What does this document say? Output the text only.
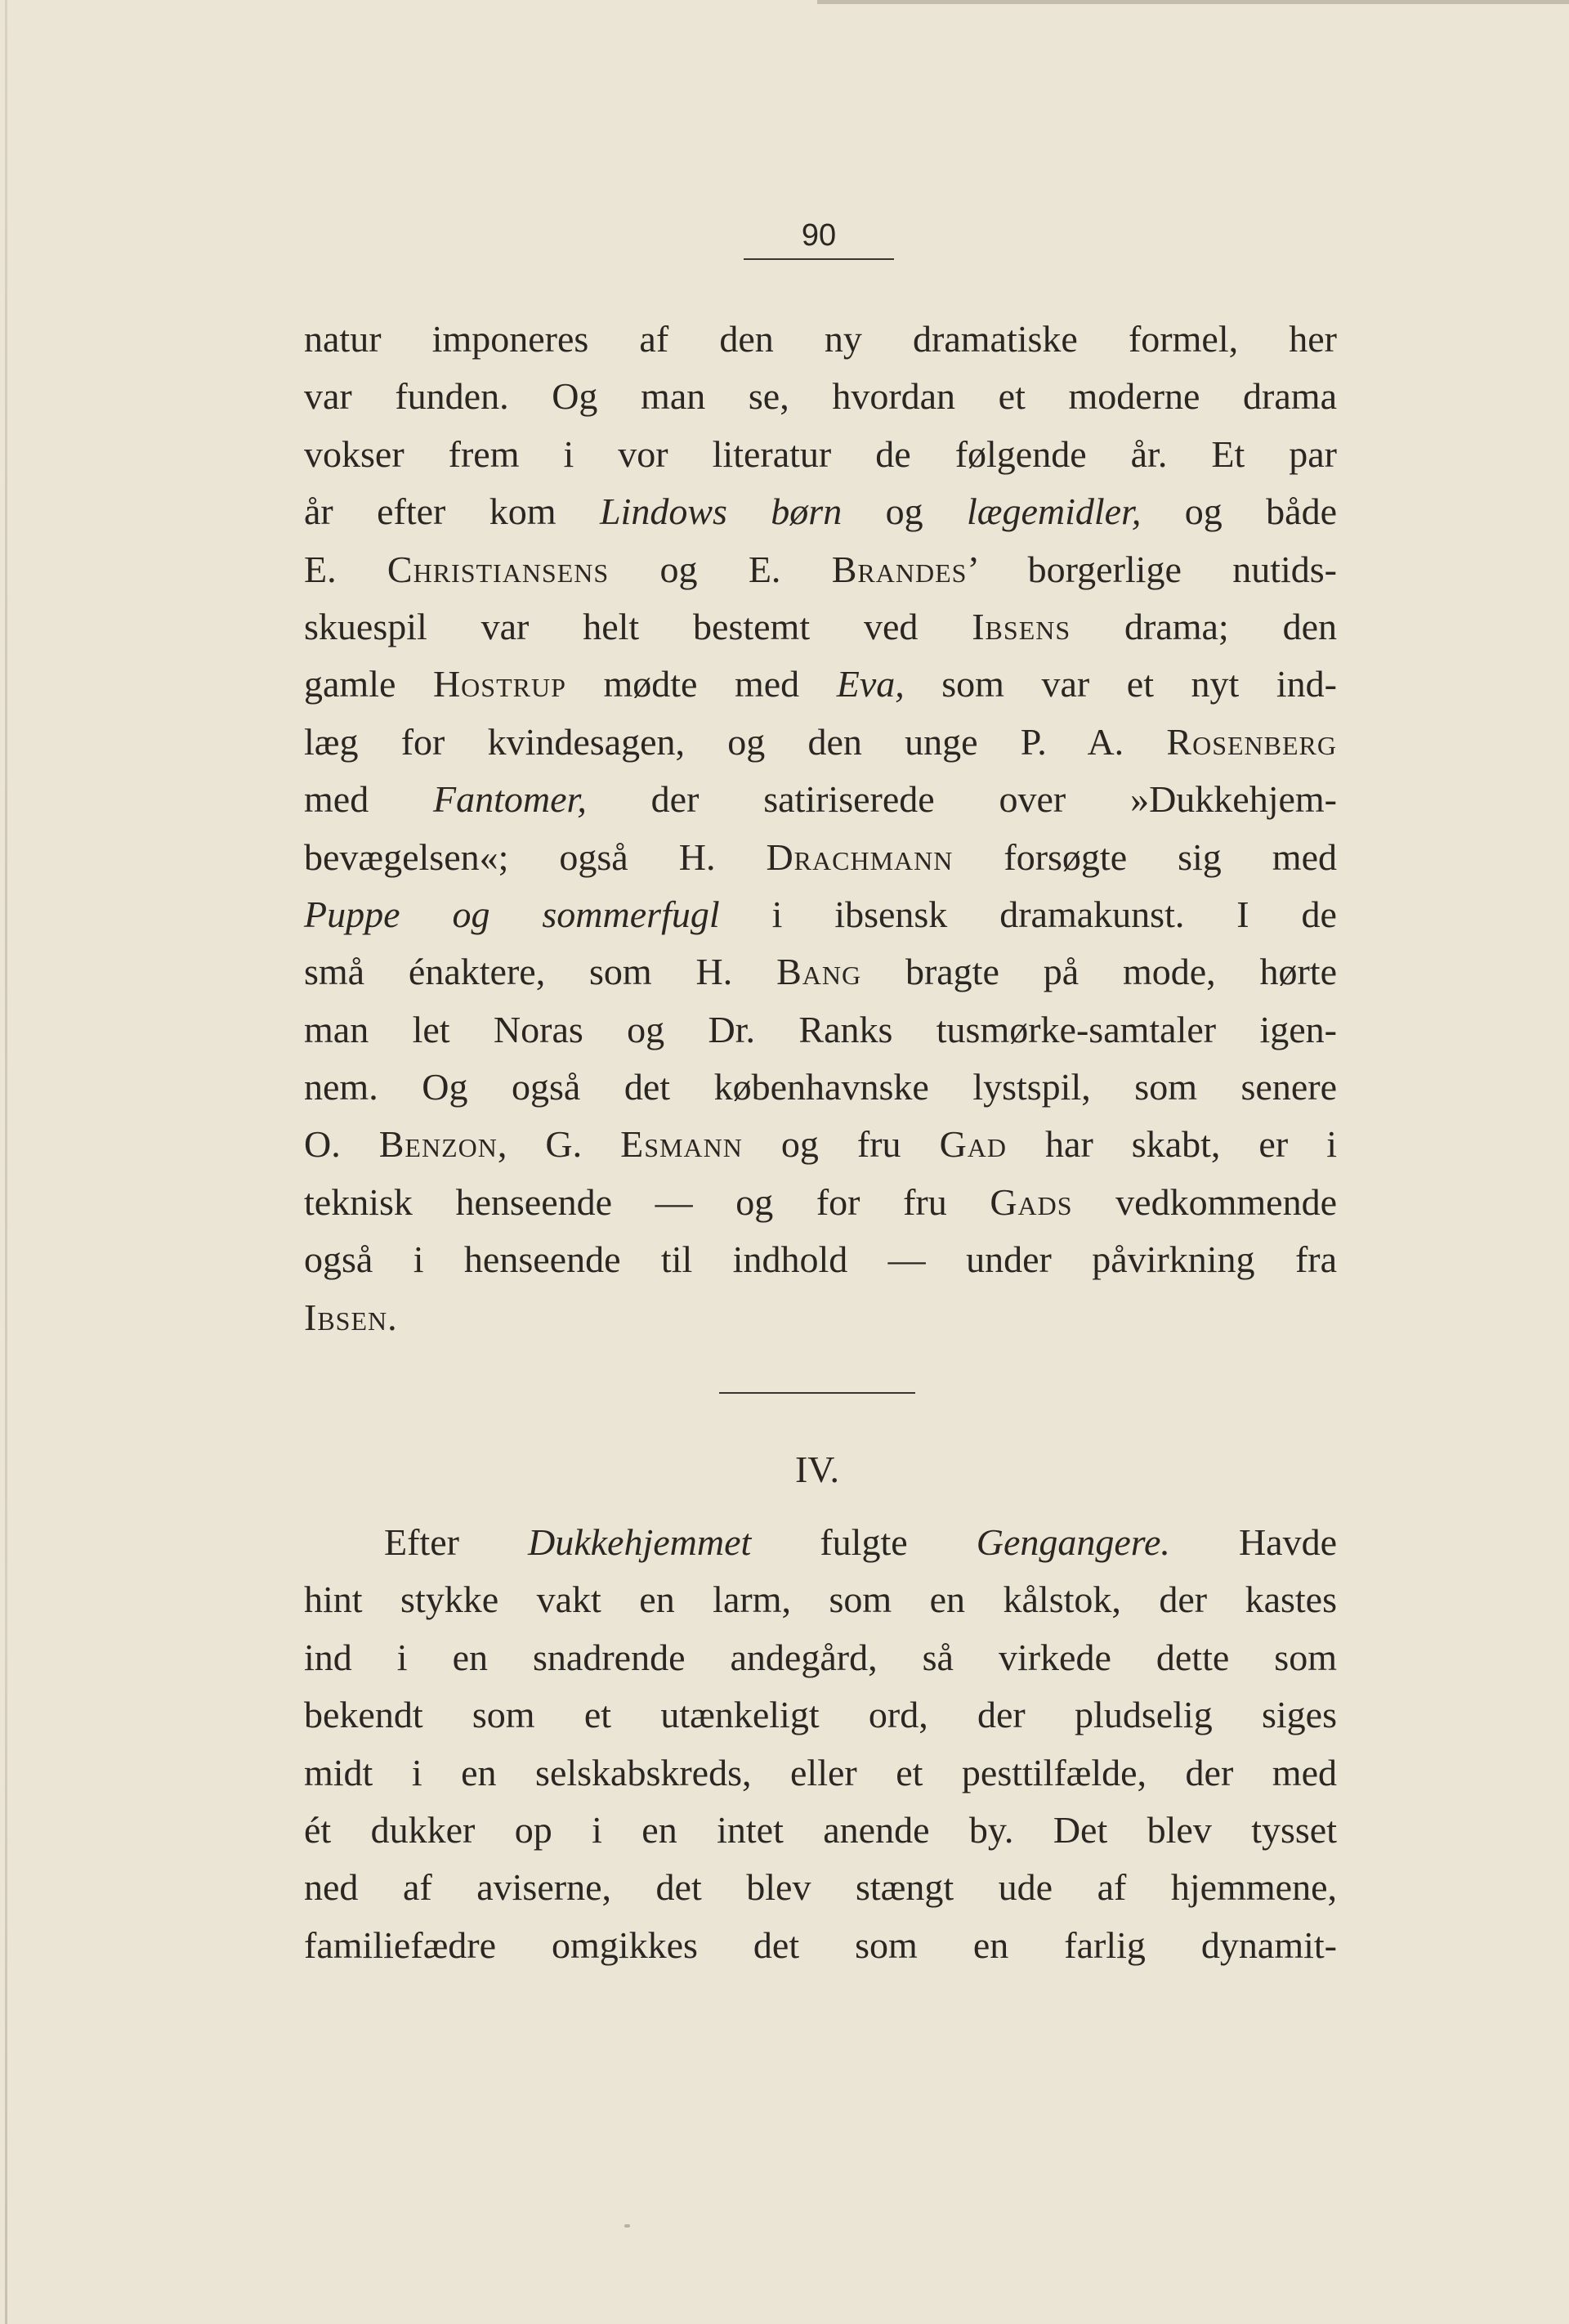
90
natur imponeres af den ny dramatiske formel, her
var funden. Og man se, hvordan et moderne drama
vokser frem i vor literatur de følgende år. Et par
år efter kom Lindows børn og lægemidler, og både
E. Christiansens og E. Brandes’ borgerlige nutids-
skuespil var helt bestemt ved Ibsens drama; den
gamle Hostrup mødte med Eva, som var et nyt ind-
læg for kvindesagen, og den unge P. A. Rosenberg
med Fantomer, der satiriserede over »Dukkehjem-
bevægelsen«; også H. Drachmann forsøgte sig med
Puppe og sommerfugl i ibsensk dramakunst. I de
små énaktere, som H. Bang bragte på mode, hørte
man let Noras og Dr. Ranks tusmørke-samtaler igen-
nem. Og også det københavnske lystspil, som senere
O. Benzon, G. Esmann og fru Gad har skabt, er i
teknisk henseende — og for fru Gads vedkommende
også i henseende til indhold — under påvirkning fra
Ibsen.
IV.
Efter Dukkehjemmet fulgte Gengangere. Havde
hint stykke vakt en larm, som en kålstok, der kastes
ind i en snadrende andegård, så virkede dette som
bekendt som et utænkeligt ord, der pludselig siges
midt i en selskabskreds, eller et pesttilfælde, der med
ét dukker op i en intet anende by. Det blev tysset
ned af aviserne, det blev stængt ude af hjemmene,
familiefædre omgikkes det som en farlig dynamit-
